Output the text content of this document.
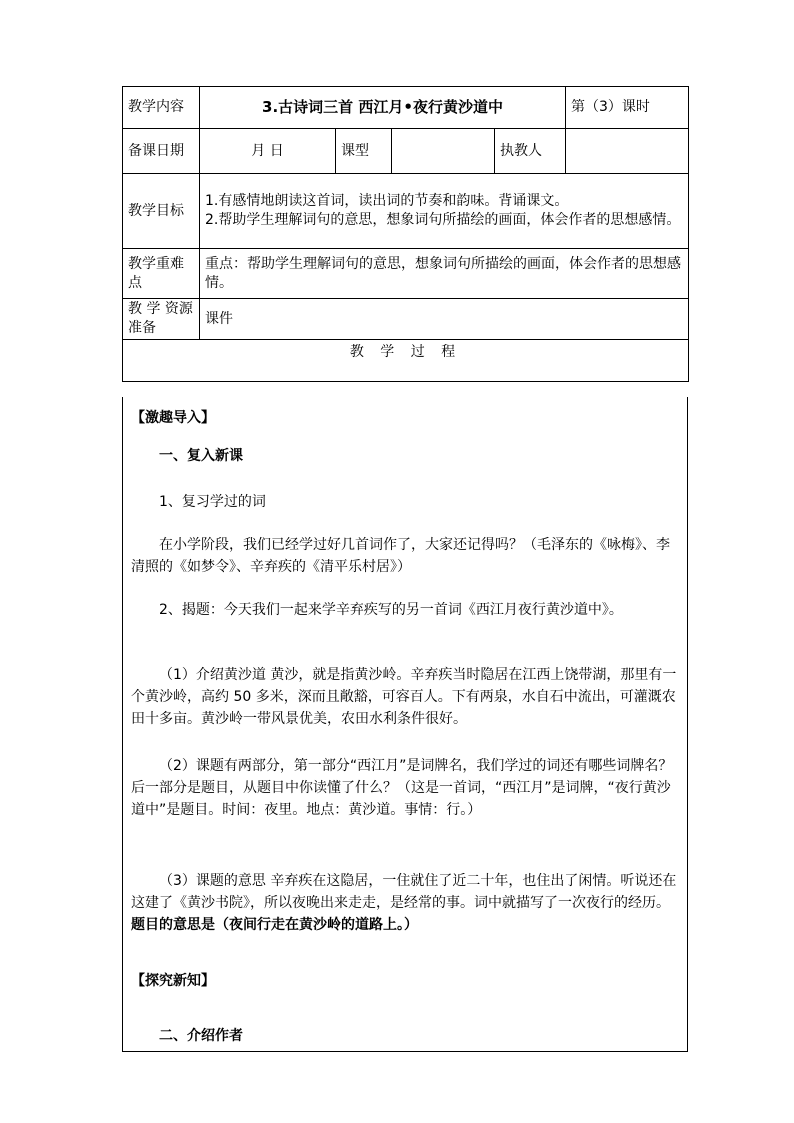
教学内容	3.古诗词三首 西江月•夜行黄沙道中				第（3）课时
备课日期	月 日	课型		执教人	
教学目标	1.有感情地朗读这首词，读出词的节奏和韵味。背诵课文。
2.帮助学生理解词句的意思，想象词句所描绘的画面，体会作者的思想感情。				

教学重难点	重点：帮助学生理解词句的意思，想象词句所描绘的画面，体会作者的思想感情。				
教 学 资源准备	课件				
教 学 过 程					

【激趣导入】

一、复入新课

1、复习学过的词

在小学阶段，我们已经学过好几首词作了，大家还记得吗？（毛泽东的《咏梅》、李清照的《如梦令》、辛弃疾的《清平乐村居》）

2、揭题：今天我们一起来学辛弃疾写的另一首词《西江月夜行黄沙道中》。

（1）介绍黄沙道 黄沙，就是指黄沙岭。辛弃疾当时隐居在江西上饶带湖，那里有一个黄沙岭，高约 50 多米，深而且敞豁，可容百人。下有两泉，水自石中流出，可灌溉农田十多亩。黄沙岭一带风景优美，农田水利条件很好。

（2）课题有两部分，第一部分“西江月”是词牌名，我们学过的词还有哪些词牌名？后一部分是题目，从题目中你读懂了什么？（这是一首词，“西江月”是词牌，“夜行黄沙道中”是题目。时间：夜里。地点：黄沙道。事情：行。）

（3）课题的意思 辛弃疾在这隐居，一住就住了近二十年，也住出了闲情。听说还在这建了《黄沙书院》，所以夜晚出来走走，是经常的事。词中就描写了一次夜行的经历。题目的意思是（夜间行走在黄沙岭的道路上。）

【探究新知】

二、介绍作者
